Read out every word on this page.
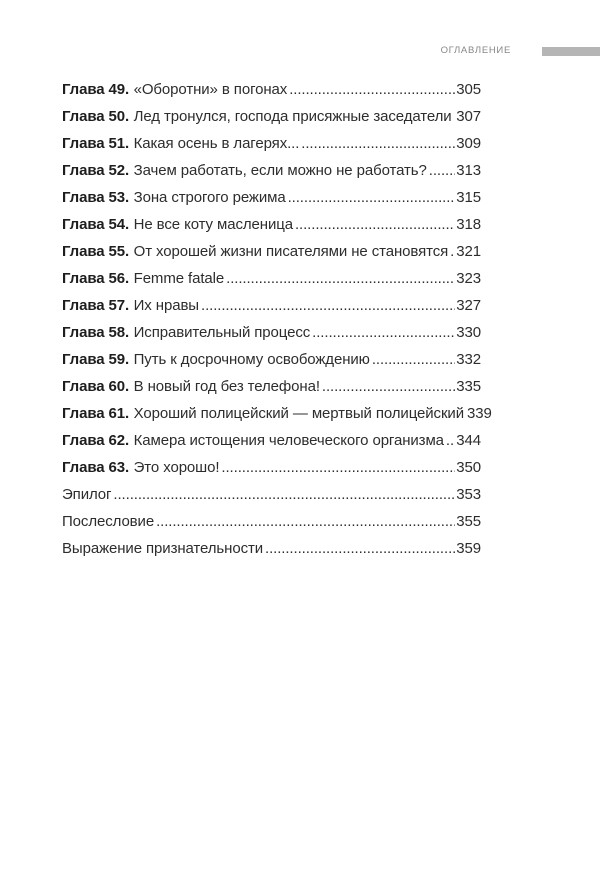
ОГЛАВЛЕНИЕ
Глава 49. «Оборотни» в погонах .....	305
Глава 50. Лед тронулся, господа присяжные заседатели ..... 307
Глава 51. Какая осень в лагерях... .....	309
Глава 52. Зачем работать, если можно не работать? ..... 313
Глава 53. Зона строгого режима .....	315
Глава 54. Не все коту масленица .....	318
Глава 55. От хорошей жизни писателями не становятся ..... 321
Глава 56. Femme fatale .....	323
Глава 57. Их нравы .....	327
Глава 58. Исправительный процесс .....	330
Глава 59. Путь к досрочному освобождению .....	332
Глава 60. В новый год без телефона! .....	335
Глава 61. Хороший полицейский — мертвый полицейский 339
Глава 62. Камера истощения человеческого организма ..... 344
Глава 63. Это хорошо! .....	350
Эпилог .....	353
Послесловие .....	355
Выражение признательности .....	359
